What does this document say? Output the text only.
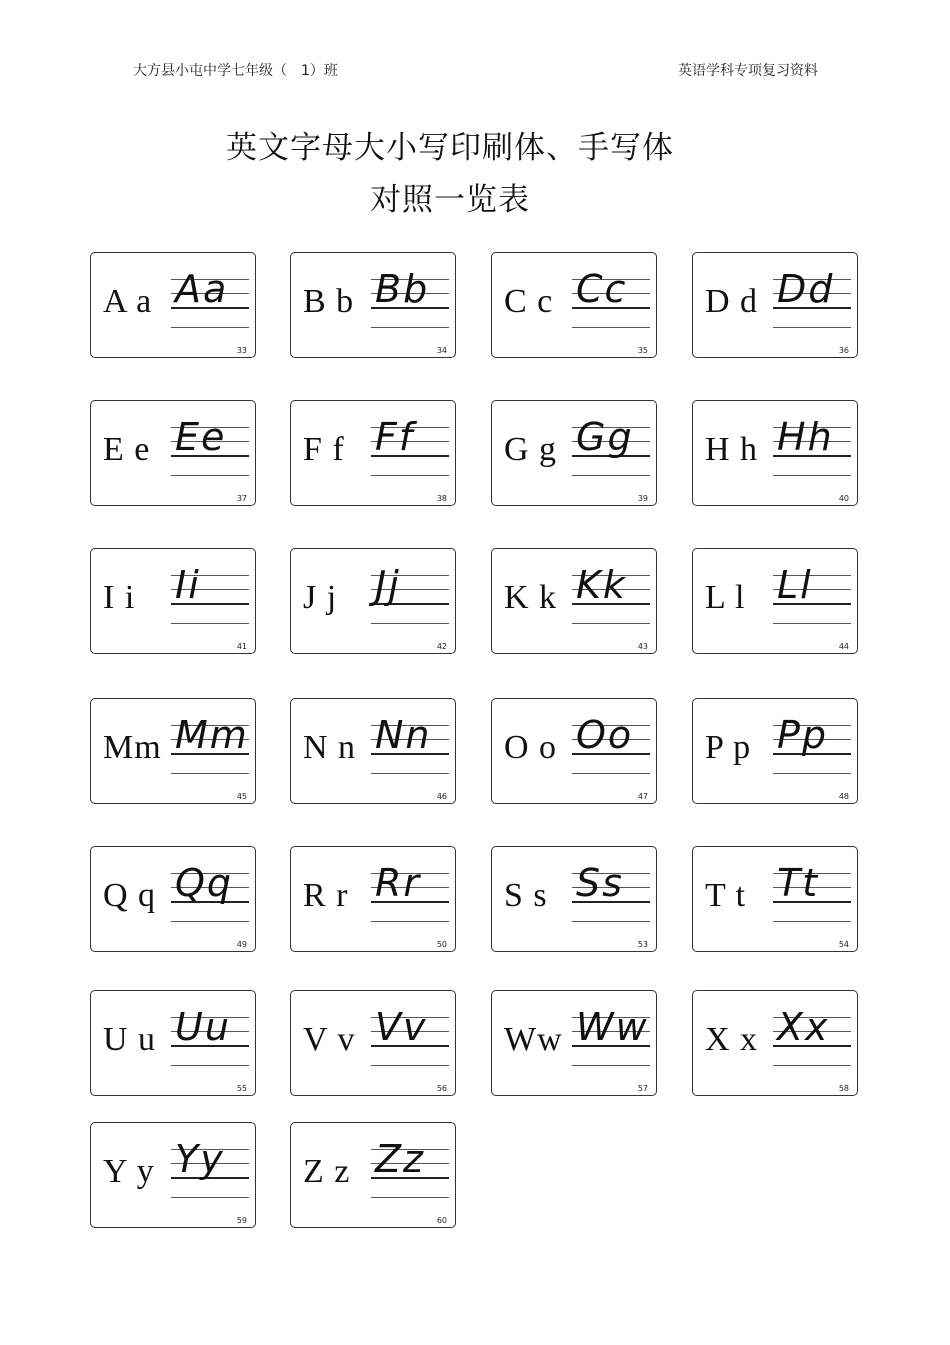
大方县小屯中学七年级（　1）班	英语学科专项复习资料
英文字母大小写印刷体、手写体
对照一览表
A a Aa
33
B b Bb
34
C c Cc
35
D d Dd
36
E e Ee
37
F f Ff
38
G g Gg
39
H h Hh
40
I i Ii
41
J j Jj
42
K k Kk
43
L l Ll
44
Mm Mm
45
N n Nn
46
O o Oo
47
P p Pp
48
Q q Qq
49
R r Rr
50
S s Ss
53
T t Tt
54
U u Uu
55
V v Vv
56
Ww Ww
57
X x Xx
58
Y y Yy
59
Z z Zz
60
